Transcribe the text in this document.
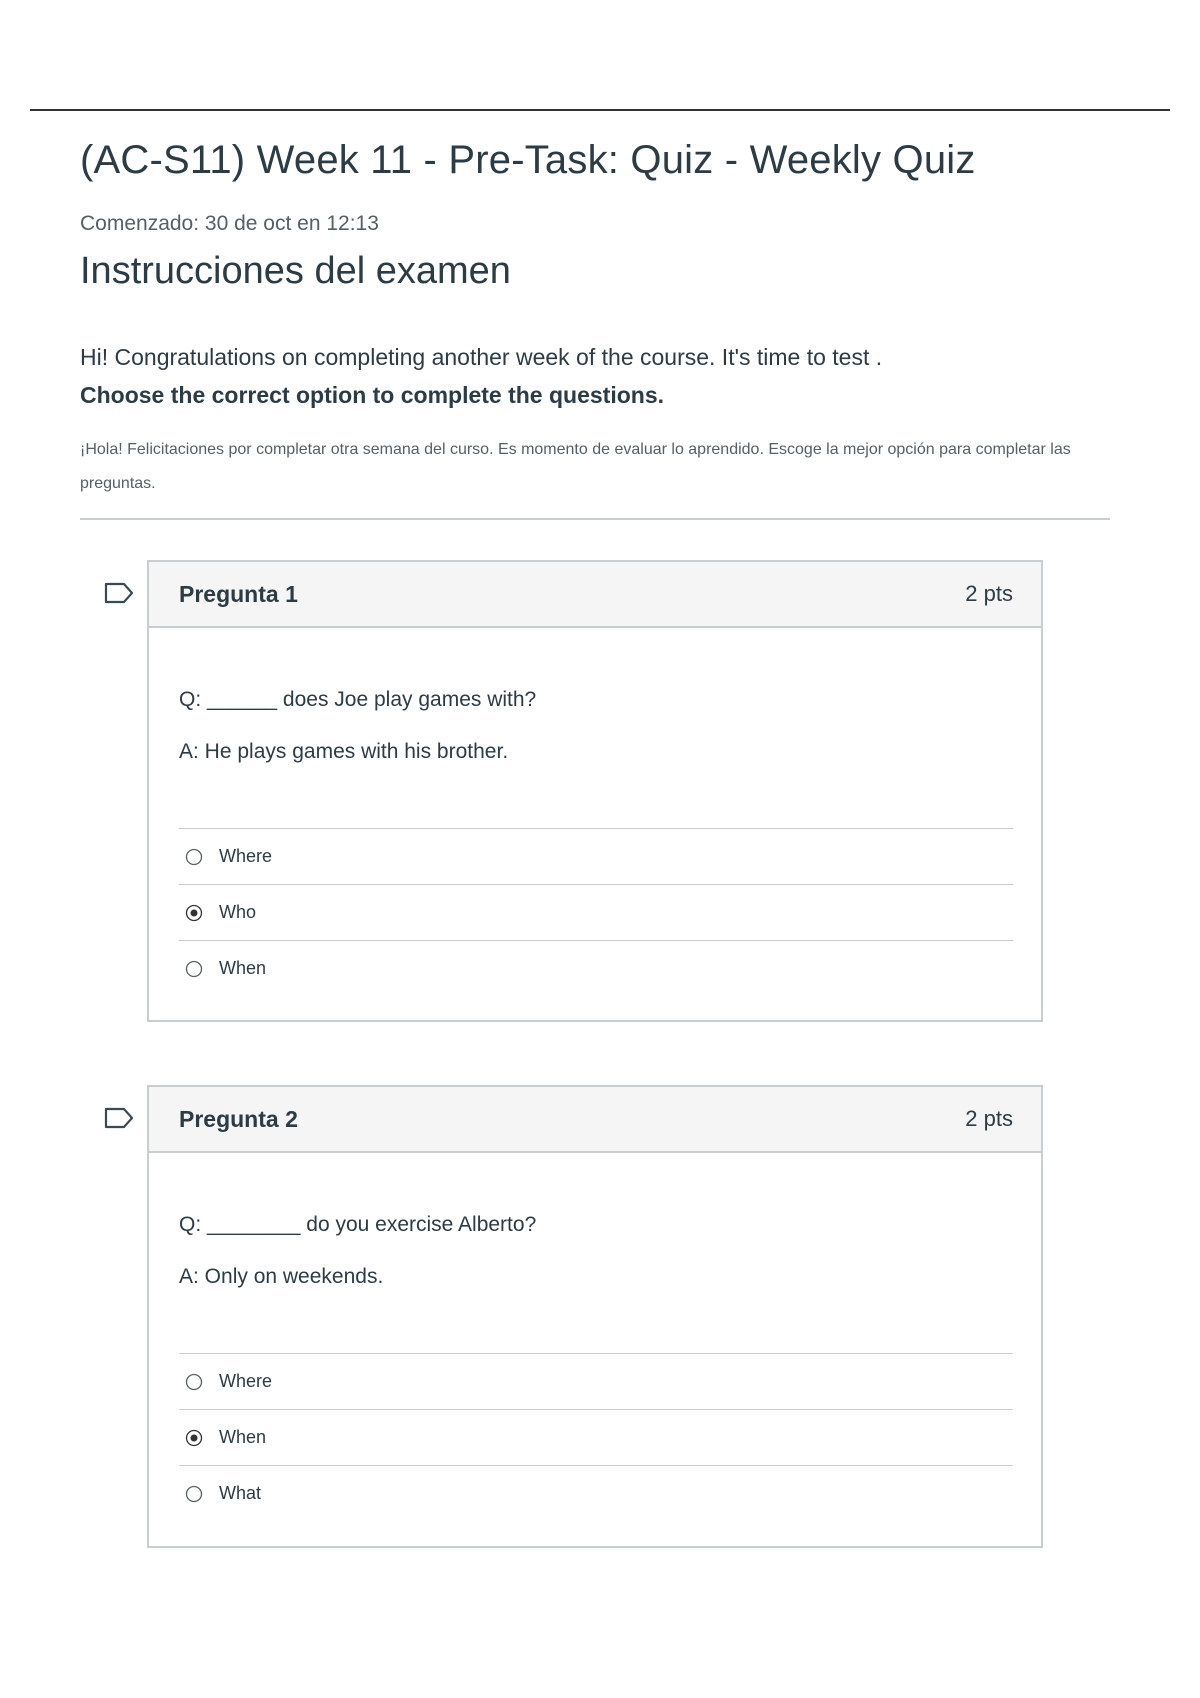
(AC-S11) Week 11 - Pre-Task: Quiz - Weekly Quiz
Comenzado: 30 de oct en 12:13
Instrucciones del examen
Hi! Congratulations on completing another week of the course. It's time to test .
Choose the correct option to complete the questions.
¡Hola! Felicitaciones por completar otra semana del curso. Es momento de evaluar lo aprendido. Escoge la mejor opción para completar las preguntas.
Pregunta 1	2 pts
Q: ______ does Joe play games with?
A: He plays games with his brother.
Where
Who
When
Pregunta 2	2 pts
Q: ________ do you exercise Alberto?
A: Only on weekends.
Where
When
What
